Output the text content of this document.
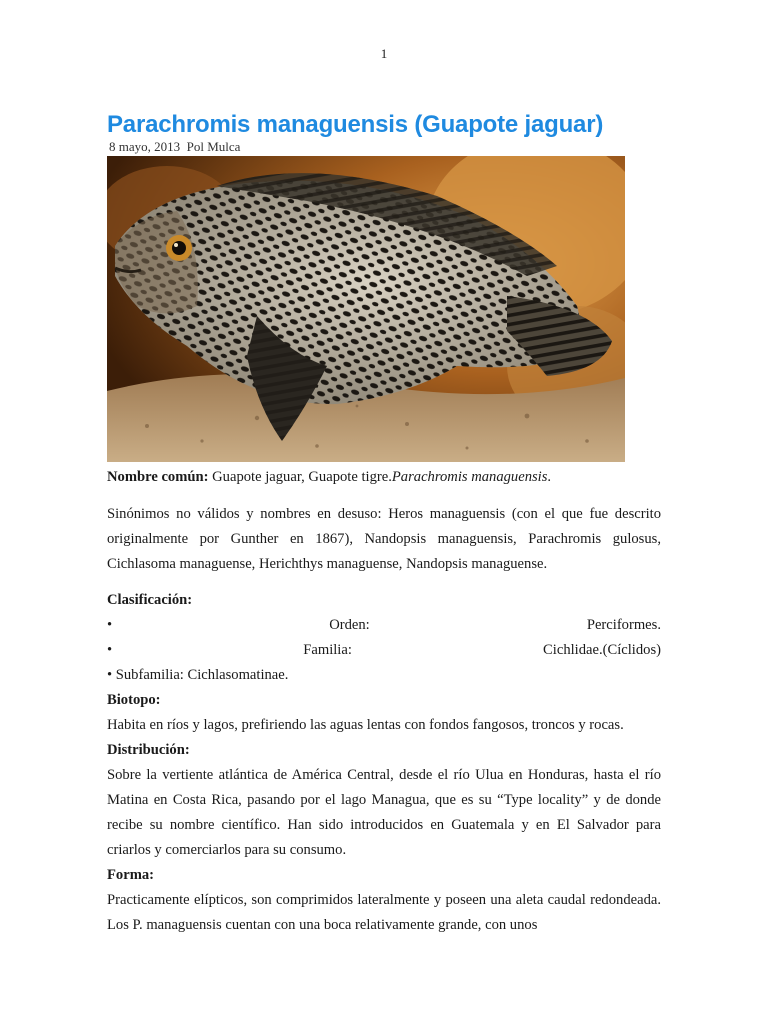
1
Parachromis managuensis (Guapote jaguar)
8 mayo, 2013 Pol Mulca
Nombre común: Guapote jaguar, Guapote tigre.Parachromis managuensis.

Sinónimos no válidos y nombres en desuso: Heros managuensis (con el que fue descrito originalmente por Gunther en 1867), Nandopsis managuensis, Parachromis gulosus, Cichlasoma managuense, Herichthys managuense, Nandopsis managuense.

Clasificación:
•	Orden:	Perciformes.
•	Familia:	Cichlidae.(Cíclidos)
• Subfamilia: Cichlasomatinae.
Biotopo:
Habita en ríos y lagos, prefiriendo las aguas lentas con fondos fangosos, troncos y rocas.
Distribución:
Sobre la vertiente atlántica de América Central, desde el río Ulua en Honduras, hasta el río Matina en Costa Rica, pasando por el lago Managua, que es su “Type locality” y de donde recibe su nombre científico. Han sido introducidos en Guatemala y en El Salvador para criarlos y comerciarlos para su consumo.
Forma:
Practicamente elípticos, son comprimidos lateralmente y poseen una aleta caudal redondeada. Los P. managuensis cuentan con una boca relativamente grande, con unos
